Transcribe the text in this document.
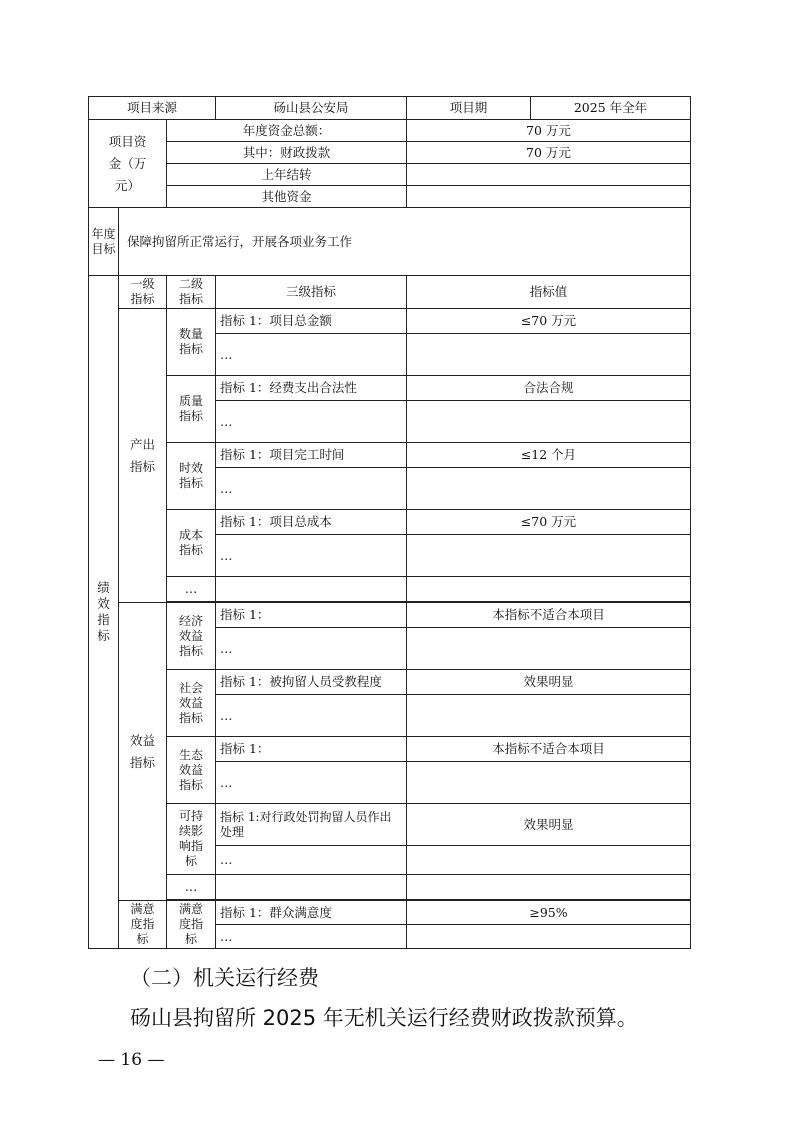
项目来源			砀山县公安局	项目期	2025 年全年
项目资金（万元）		年度资金总额：		70 万元	
		其中：财政拨款		70 万元	
		上年结转			
		其他资金			
年度目标	保障拘留所正常运行，开展各项业务工作				
绩效指标	一级指标	二级指标	三级指标	指标值	
	产出指标	数量指标	指标 1：项目总金额	≤70 万元	
			…		
		质量指标	指标 1：经费支出合法性	合法合规	
			…		
		时效指标	指标 1：项目完工时间	≤12 个月	
			…		
		成本指标	指标 1：项目总成本	≤70 万元	
			…		
		…			

	效益指标	经济效益指标	指标 1：	本指标不适合本项目	
			…		
		社会效益指标	指标 1：被拘留人员受教程度	效果明显	
			…		
		生态效益指标	指标 1：	本指标不适合本项目	
			…		
		可持续影响指标	指标 1:对行政处罚拘留人员作出处理	效果明显	
			…		
		…			

	满意度指标	满意度指标	指标 1：群众满意度	≥95%	
			…		
（二）机关运行经费
砀山县拘留所 2025 年无机关运行经费财政拨款预算。
— 16 —
